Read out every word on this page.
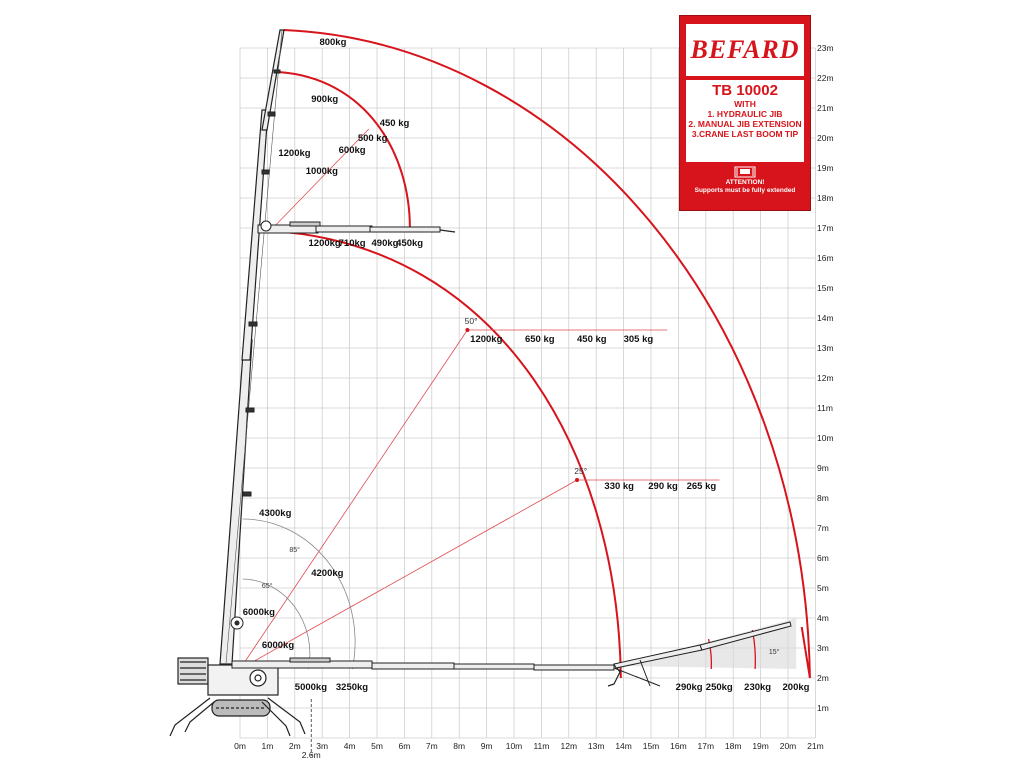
0m 1m 2m 3m 4m 5m 6m 7m 8m 9m 10m 11m 12m 13m 14m 15m 16m 17m 18m 19m 20m 21m
2.6m
1m
2m
3m
4m
5m
6m
7m
8m
9m
10m
11m
12m
13m
14m
15m
16m
17m
18m
19m
20m
21m
22m
23m
50°
25°
15°
85°
65°
800kg
900kg
450 kg
500 kg
600kg
1200kg
1000kg
1200kg
710kg 490kg
450kg
1200kg 650 kg 450 kg 305 kg
330 kg 290 kg 265 kg
4300kg
4200kg
6000kg
6000kg
5000kg 3250kg	290kg 250kg 230kg 200kg
BEFARD
TB 10002
WITH
1. HYDRAULIC JIB
2. MANUAL JIB EXTENSION
3.CRANE LAST BOOM TIP
ATTENTION!
Supports must be fully extended
